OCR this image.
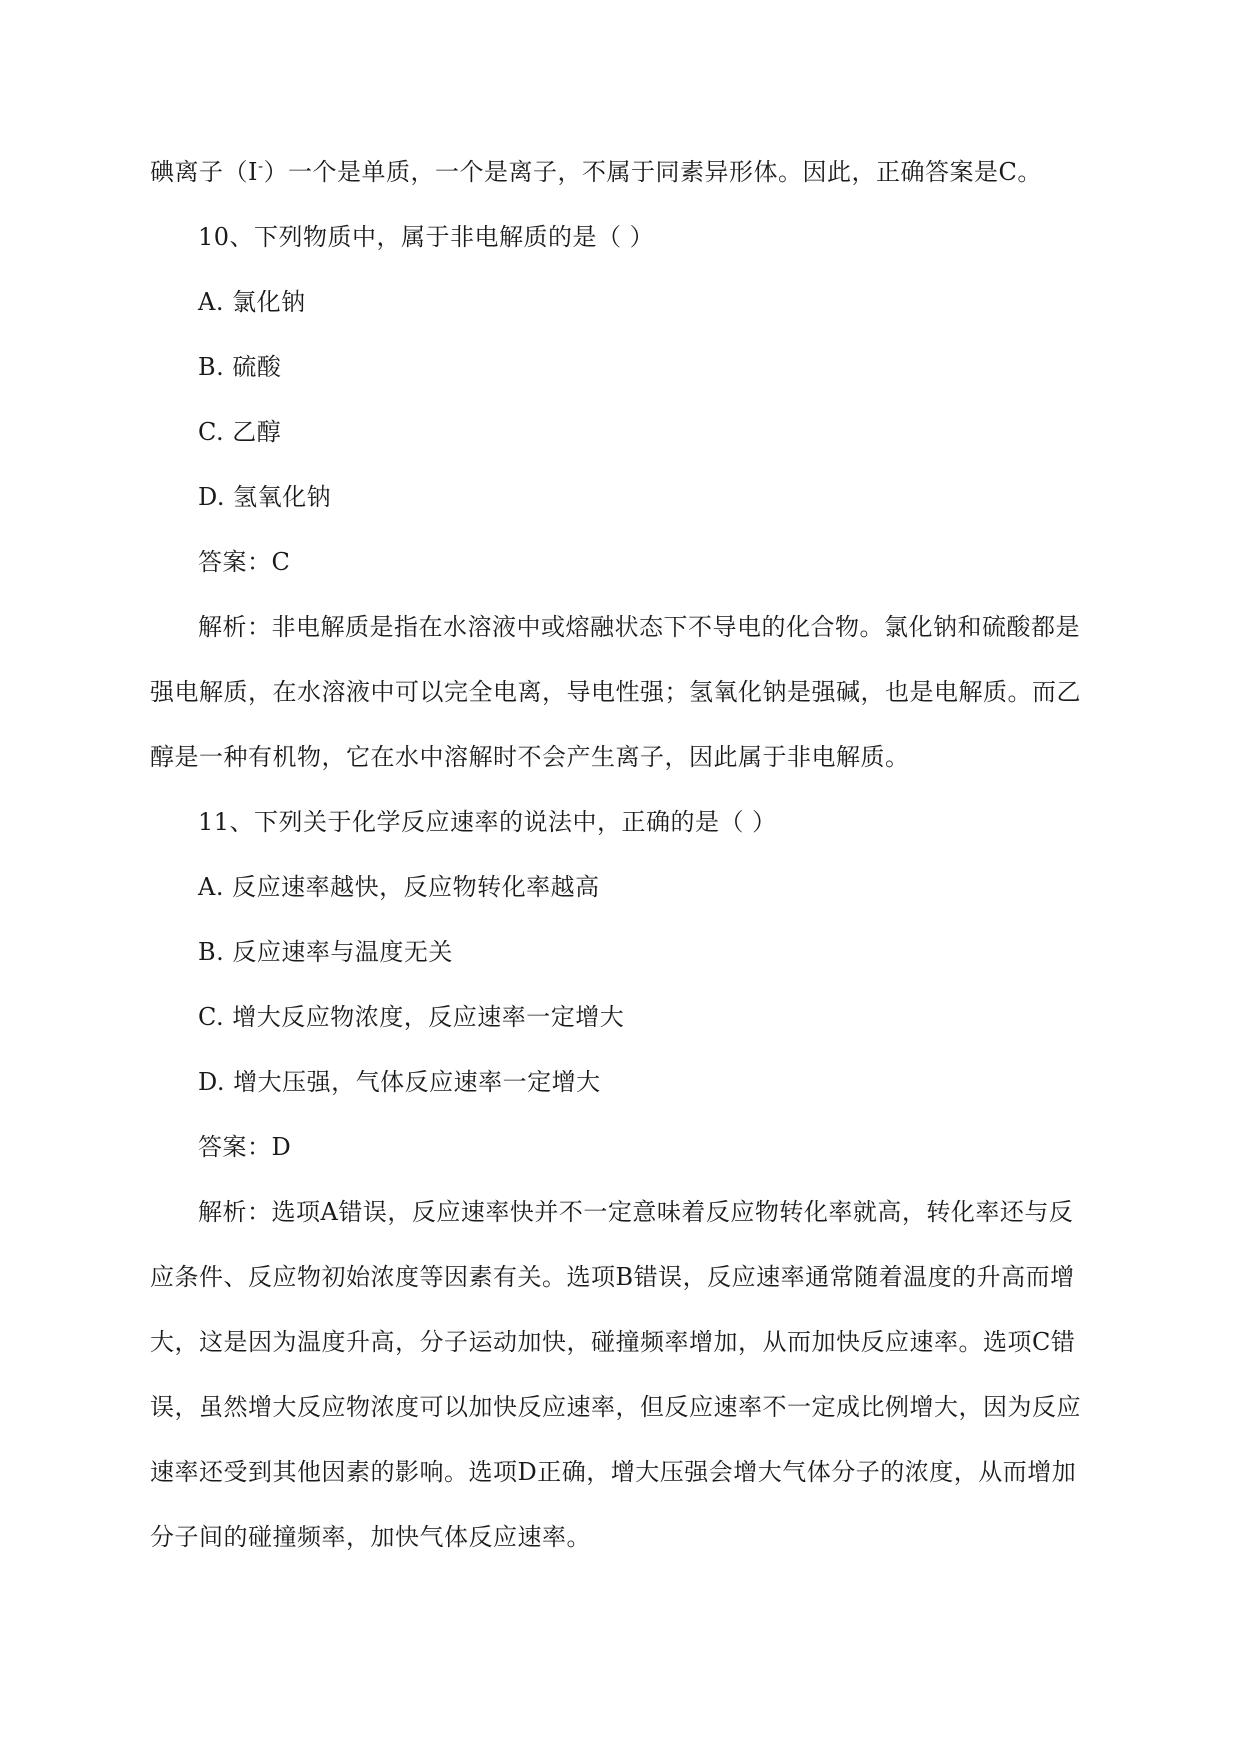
碘离子（I-）一个是单质，一个是离子，不属于同素异形体。因此，正确答案是C。

10、下列物质中，属于非电解质的是（ ）

A. 氯化钠

B. 硫酸

C. 乙醇

D. 氢氧化钠

答案：C

解析：非电解质是指在水溶液中或熔融状态下不导电的化合物。氯化钠和硫酸都是强电解质，在水溶液中可以完全电离，导电性强；氢氧化钠是强碱，也是电解质。而乙醇是一种有机物，它在水中溶解时不会产生离子，因此属于非电解质。

11、下列关于化学反应速率的说法中，正确的是（ ）

A. 反应速率越快，反应物转化率越高

B. 反应速率与温度无关

C. 增大反应物浓度，反应速率一定增大

D. 增大压强，气体反应速率一定增大

答案：D

解析：选项A错误，反应速率快并不一定意味着反应物转化率就高，转化率还与反应条件、反应物初始浓度等因素有关。选项B错误，反应速率通常随着温度的升高而增大，这是因为温度升高，分子运动加快，碰撞频率增加，从而加快反应速率。选项C错误，虽然增大反应物浓度可以加快反应速率，但反应速率不一定成比例增大，因为反应速率还受到其他因素的影响。选项D正确，增大压强会增大气体分子的浓度，从而增加分子间的碰撞频率，加快气体反应速率。
